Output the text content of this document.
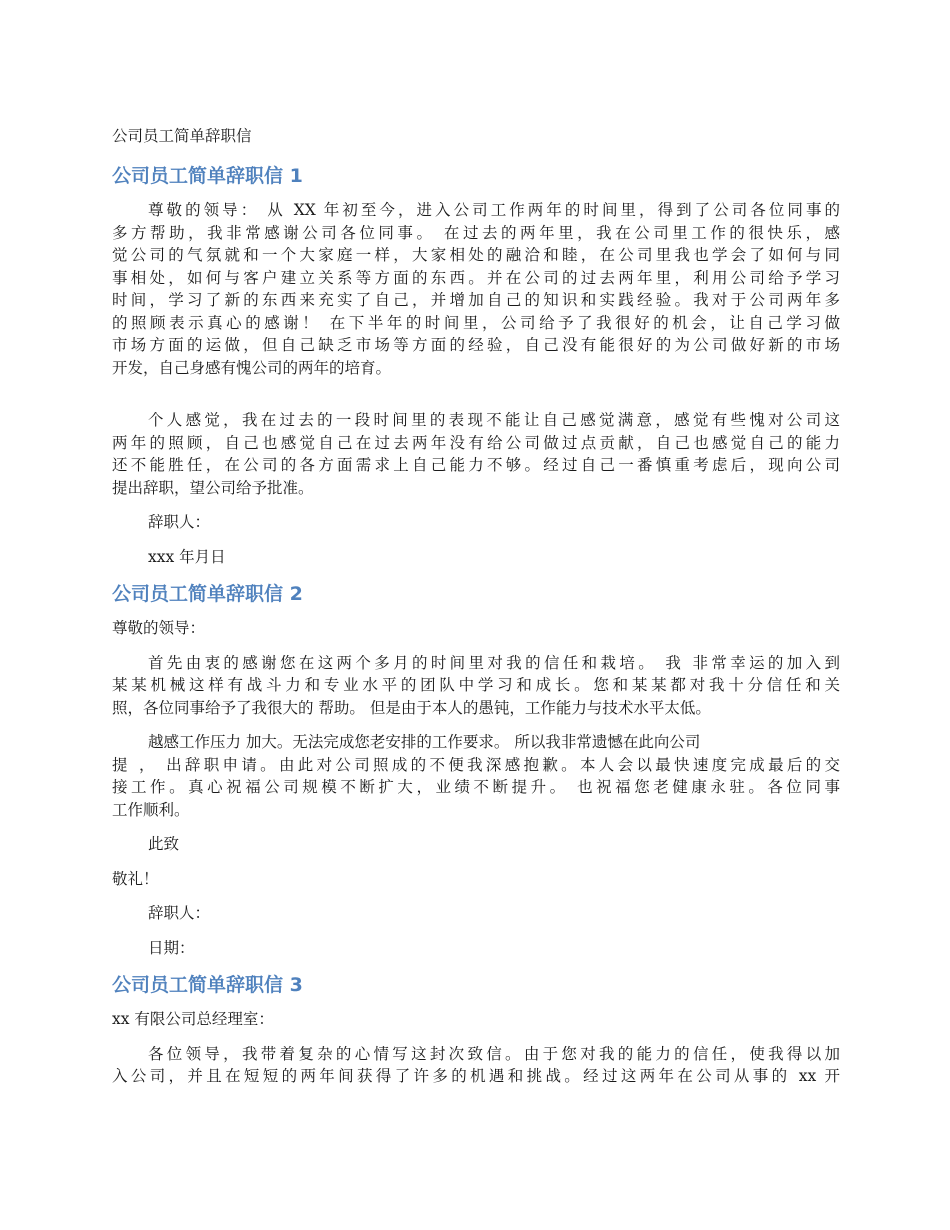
公司员工简单辞职信
公司员工简单辞职信 1
尊敬的领导： 从 XX 年初至今，进入公司工作两年的时间里，得到了公司各位同事的
多方帮助，我非常感谢公司各位同事。 在过去的两年里，我在公司里工作的很快乐，感
觉公司的气氛就和一个大家庭一样，大家相处的融洽和睦，在公司里我也学会了如何与同
事相处，如何与客户建立关系等方面的东西。并在公司的过去两年里，利用公司给予学习
时间，学习了新的东西来充实了自己，并增加自己的知识和实践经验。我对于公司两年多
的照顾表示真心的感谢！ 在下半年的时间里，公司给予了我很好的机会，让自己学习做
市场方面的运做，但自己缺乏市场等方面的经验，自己没有能很好的为公司做好新的市场
开发，自己身感有愧公司的两年的培育。
个人感觉，我在过去的一段时间里的表现不能让自己感觉满意，感觉有些愧对公司这
两年的照顾，自己也感觉自己在过去两年没有给公司做过点贡献，自己也感觉自己的能力
还不能胜任，在公司的各方面需求上自己能力不够。经过自己一番慎重考虑后，现向公司
提出辞职，望公司给予批准。
辞职人：
xxx 年月日
公司员工简单辞职信 2
尊敬的领导：
首先由衷的感谢您在这两个多月的时间里对我的信任和栽培。 我 非常幸运的加入到
某某机械这样有战斗力和专业水平的团队中学习和成长。您和某某都对我十分信任和关
照，各位同事给予了我很大的 帮助。 但是由于本人的愚钝，工作能力与技术水平太低。
越感工作压力 加大。无法完成您老安排的工作要求。 所以我非常遗憾在此向公司
提 ， 出辞职申请。由此对公司照成的不便我深感抱歉。本人会以最快速度完成最后的交
接工作。真心祝福公司规模不断扩大，业绩不断提升。 也祝福您老健康永驻。各位同事
工作顺利。
此致
敬礼！
辞职人：
日期：
公司员工简单辞职信 3
xx 有限公司总经理室：
各位领导，我带着复杂的心情写这封次致信。由于您对我的能力的信任，使我得以加
入公司，并且在短短的两年间获得了许多的机遇和挑战。经过这两年在公司从事的 xx 开
